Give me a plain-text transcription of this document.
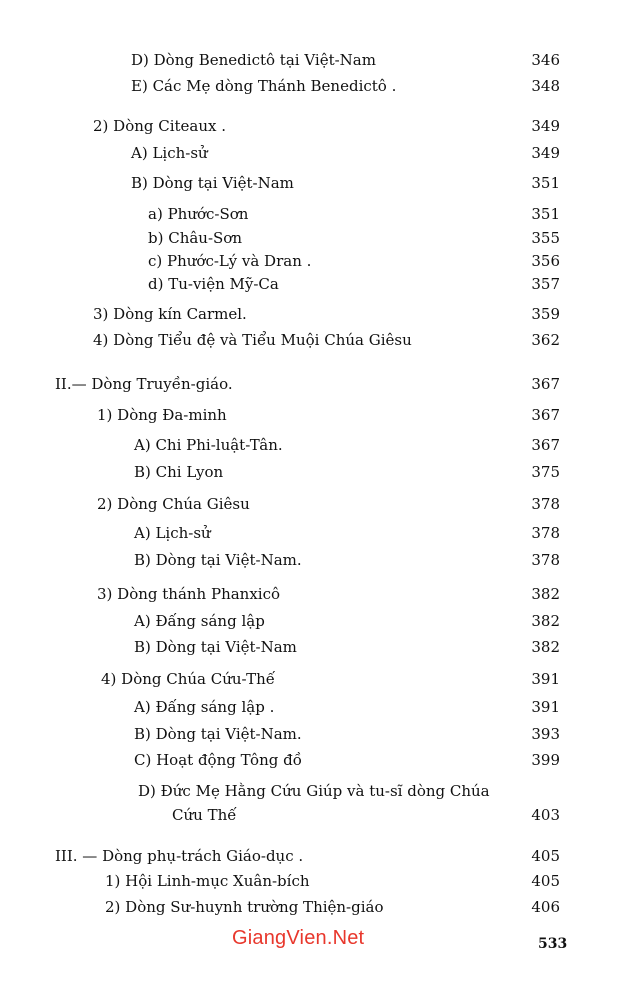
D) Dòng Benedictô tại Việt-Nam	346
E) Các Mẹ dòng Thánh Benedictô .	348
2) Dòng Citeaux .	349
A) Lịch-sử	349
B) Dòng tại Việt-Nam	351
a) Phước-Sơn	351
b) Châu-Sơn	355
c) Phước-Lý và Dran .	356
d) Tu-viện Mỹ-Ca	357
3) Dòng kín Carmel.	359
4) Dòng Tiểu đệ và Tiểu Muội Chúa Giêsu	362
II.— Dòng Truyền-giáo.	367
1) Dòng Đa-minh	367
A) Chi Phi-luật-Tân.	367
B) Chi Lyon	375
2) Dòng Chúa Giêsu	378
A) Lịch-sử	378
B) Dòng tại Việt-Nam.	378
3) Dòng thánh Phanxicô	382
A) Đấng sáng lập	382
B) Dòng tại Việt-Nam	382
4) Dòng Chúa Cứu-Thế	391
A) Đấng sáng lập .	391
B) Dòng tại Việt-Nam.	393
C) Hoạt động Tông đồ	399
D) Đức Mẹ Hằng Cứu Giúp và tu-sĩ dòng Chúa
Cứu Thế	403
III. — Dòng phụ-trách Giáo-dục .	405
1) Hội Linh-mục Xuân-bích	405
2) Dòng Sư-huynh trường Thiện-giáo	406
GiangVien.Net	533
